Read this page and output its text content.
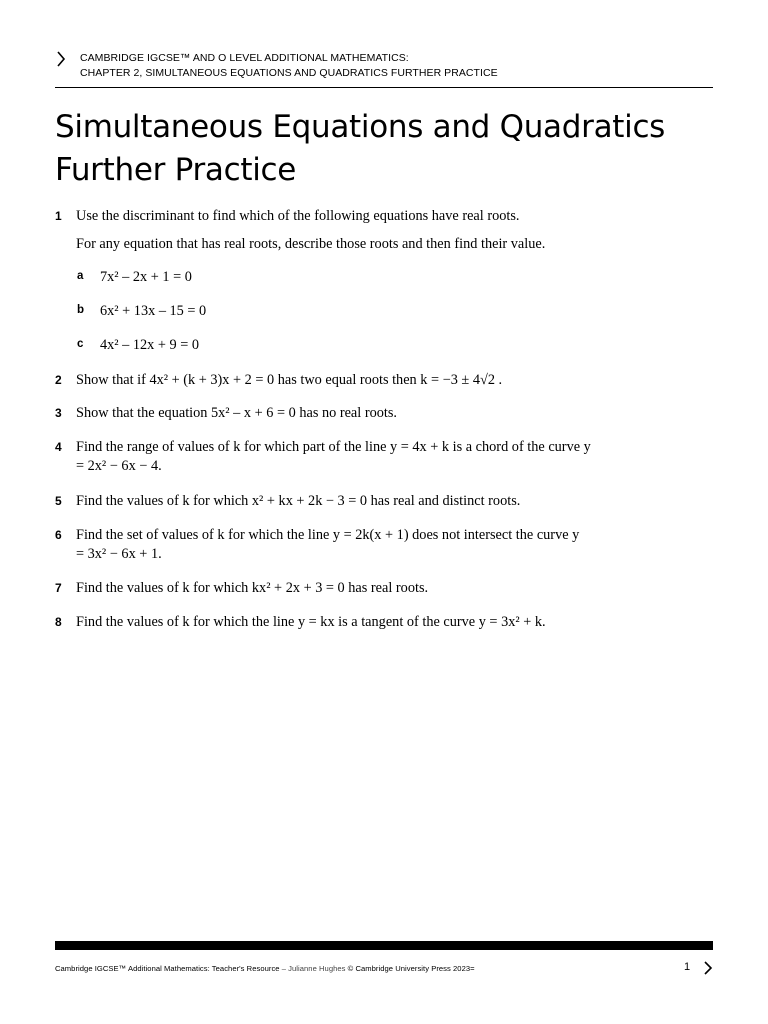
CAMBRIDGE IGCSE™ AND O LEVEL ADDITIONAL MATHEMATICS:
CHAPTER 2, SIMULTANEOUS EQUATIONS AND QUADRATICS FURTHER PRACTICE
Simultaneous Equations and Quadratics
Further Practice
1	Use the discriminant to find which of the following equations have real roots.
For any equation that has real roots, describe those roots and then find their value.
a 7x² – 2x + 1 = 0
b 6x² + 13x – 15 = 0
c 4x² – 12x + 9 = 0
2	Show that if 4x² + (k + 3)x + 2 = 0 has two equal roots then k = −3 ± 4√2 .
3	Show that the equation 5x² – x + 6 = 0 has no real roots.
4	Find the range of values of k for which part of the line y = 4x + k is a chord of the curve y = 2x² − 6x − 4.
5	Find the values of k for which x² + kx + 2k − 3 = 0 has real and distinct roots.
6	Find the set of values of k for which the line y = 2k(x + 1) does not intersect the curve y = 3x² − 6x + 1.
7	Find the values of k for which kx² + 2x + 3 = 0 has real roots.
8	Find the values of k for which the line y = kx is a tangent of the curve y = 3x² + k.
Cambridge IGCSE™ Additional Mathematics: Teacher's Resource – Julianne Hughes © Cambridge University Press 2023=	1
